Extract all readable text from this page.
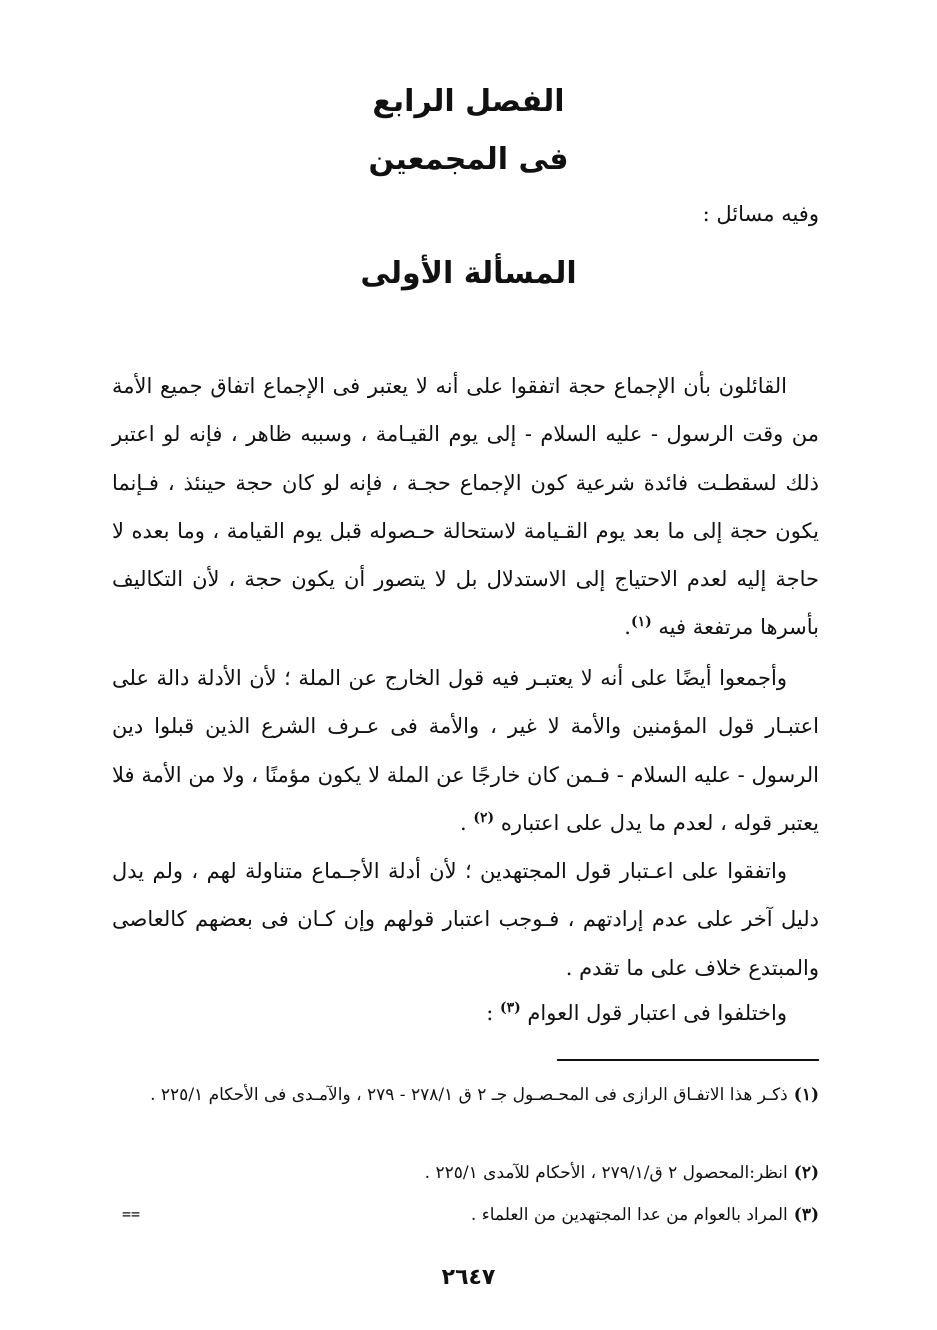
الفصل الرابع
فى المجمعين

وفيه مسائل :

المسألة الأولى

القائلون بأن الإجماع حجة اتفقوا على أنه لا يعتبر فى الإجماع اتفاق جميع الأمة من وقت الرسول - عليه السلام - إلى يوم القيـامة ، وسببه ظاهر ، فإنه لو اعتبر ذلك لسقطـت فائدة شرعية كون الإجماع حجـة ، فإنه لو كان حجة حينئذ ، فـإنما يكون حجة إلى ما بعد يوم القـيامة لاستحالة حـصوله قبل يوم القيامة ، وما بعده لا حاجة إليه لعدم الاحتياج إلى الاستدلال بل لا يتصور أن يكون حجة ، لأن التكاليف بأسرها مرتفعة فيه $^{(١)}$.

وأجمعوا أيضًا على أنه لا يعتبـر فيه قول الخارج عن الملة ؛ لأن الأدلة دالة على اعتبـار قول المؤمنين والأمة لا غير ، والأمة فى عـرف الشرع الذين قبلوا دين الرسول - عليه السلام - فـمن كان خارجًا عن الملة لا يكون مؤمنًا ، ولا من الأمة فلا يعتبر قوله ، لعدم ما يدل على اعتباره $^{(٢)}$ .

واتفقوا على اعـتبار قول المجتهدين ؛ لأن أدلة الأجـماع متناولة لهم ، ولم يدل دليل آخر على عدم إرادتهم ، فـوجب اعتبار قولهم وإن كـان فى بعضهم كالعاصى والمبتدع خلاف على ما تقدم .

واختلفوا فى اعتبار قول العوام $^{(٣)}$ :

(١)ذكـر هذا الاتفـاق الرازى فى المحـصـول جـ ٢ ق ٢٧٨/١ - ٢٧٩ ، والآمـدى فى الأحكام ٢٢٥/١ .

(٢)انظر:المحصول ٢ ق/٢٧٩/١ ، الأحكام للآمدى ٢٢٥/١ .

(٣)المراد بالعوام من عدا المجتهدين من العلماء .

==
٢٦٤٧
